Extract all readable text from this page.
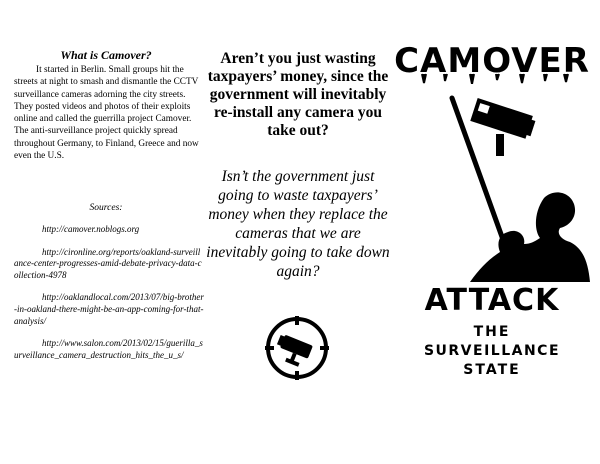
What is Camover?
It started in Berlin. Small groups hit the streets at night to smash and dismantle the CCTV surveillance cameras adorning the city streets. They posted videos and photos of their exploits online and called the guerrilla project Camover. The anti-surveillance project quickly spread throughout Germany, to Finland, Greece and now even the U.S.
Sources:
http://camover.noblogs.org
http://cironline.org/reports/oakland-surveillance-center-progresses-amid-debate-privacy-data-collection-4978
http://oaklandlocal.com/2013/07/big-brother-in-oakland-there-might-be-an-app-coming-for-that-analysis/
http://www.salon.com/2013/02/15/guerilla_surveillance_camera_destruction_hits_the_u_s/
Aren’t you just wasting taxpayers’ money, since the government will inevitably re-install any camera you take out?
Isn’t the government just going to waste taxpayers’ money when they replace the cameras that we are inevitably going to take down again?
CAMOVER
ATTACK
THE
SURVEILLANCE
STATE
